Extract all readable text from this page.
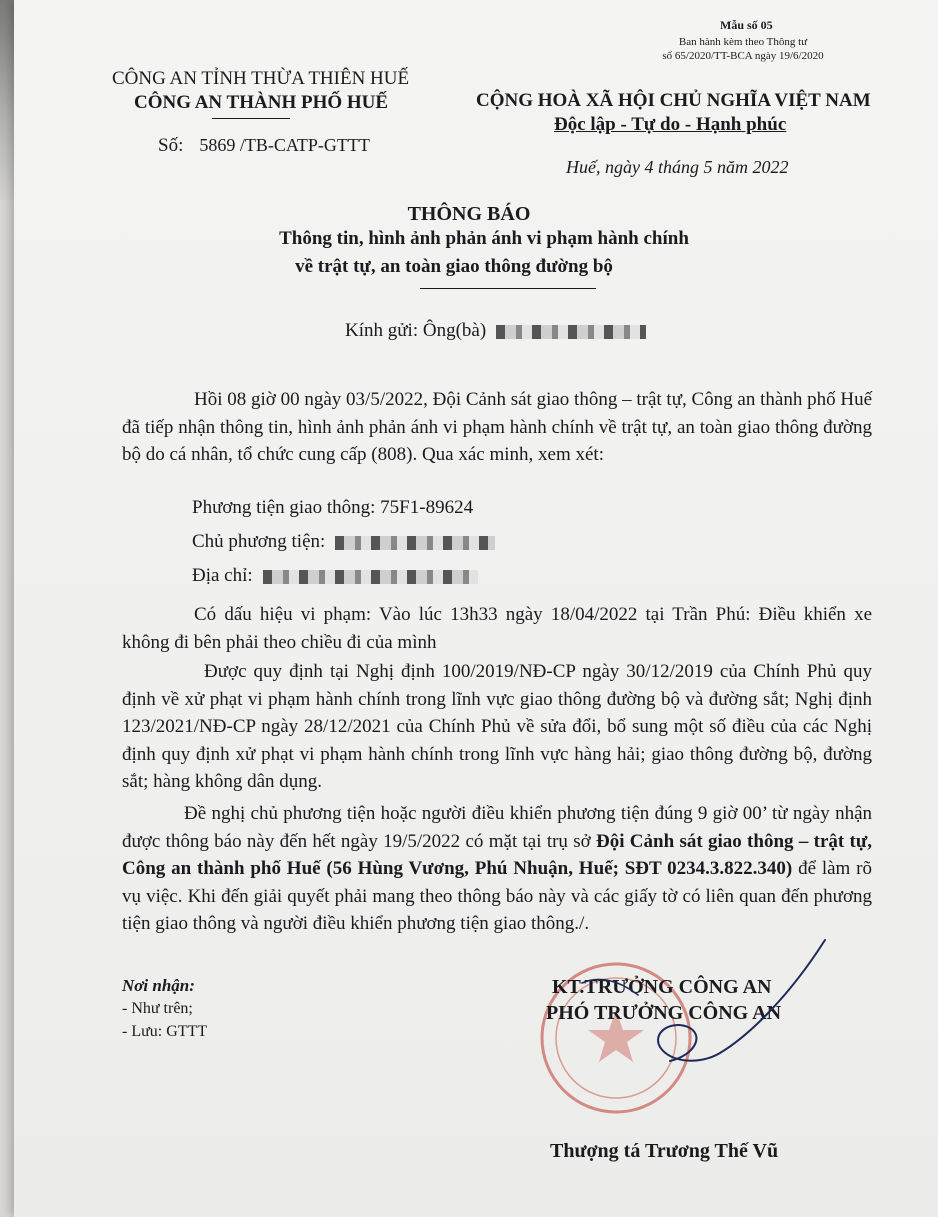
Mẫu số 05
Ban hành kèm theo Thông tư
số 65/2020/TT-BCA ngày 19/6/2020
CÔNG AN TỈNH THỪA THIÊN HUẾ
CÔNG AN THÀNH PHỐ HUẾ
Số: 5869 /TB-CATP-GTTT
CỘNG HOÀ XÃ HỘI CHỦ NGHĨA VIỆT NAM
Độc lập - Tự do - Hạnh phúc
Huế, ngày 4 tháng 5 năm 2022
THÔNG BÁO
Thông tin, hình ảnh phản ánh vi phạm hành chính
về trật tự, an toàn giao thông đường bộ
Kính gửi: Ông(bà)
Hồi 08 giờ 00 ngày 03/5/2022, Đội Cảnh sát giao thông – trật tự, Công an thành phố Huế đã tiếp nhận thông tin, hình ảnh phản ánh vi phạm hành chính về trật tự, an toàn giao thông đường bộ do cá nhân, tổ chức cung cấp (808). Qua xác minh, xem xét:
Phương tiện giao thông: 75F1-89624
Chủ phương tiện:
Địa chỉ:
Có dấu hiệu vi phạm: Vào lúc 13h33 ngày 18/04/2022 tại Trần Phú: Điều khiển xe không đi bên phải theo chiều đi của mình
Được quy định tại Nghị định 100/2019/NĐ-CP ngày 30/12/2019 của Chính Phủ quy định về xử phạt vi phạm hành chính trong lĩnh vực giao thông đường bộ và đường sắt; Nghị định 123/2021/NĐ-CP ngày 28/12/2021 của Chính Phủ về sửa đổi, bổ sung một số điều của các Nghị định quy định xử phạt vi phạm hành chính trong lĩnh vực hàng hải; giao thông đường bộ, đường sắt; hàng không dân dụng.
Đề nghị chủ phương tiện hoặc người điều khiển phương tiện đúng 9 giờ 00’ từ ngày nhận được thông báo này đến hết ngày 19/5/2022 có mặt tại trụ sở Đội Cảnh sát giao thông – trật tự, Công an thành phố Huế (56 Hùng Vương, Phú Nhuận, Huế; SĐT 0234.3.822.340) để làm rõ vụ việc. Khi đến giải quyết phải mang theo thông báo này và các giấy tờ có liên quan đến phương tiện giao thông và người điều khiển phương tiện giao thông./.
Nơi nhận:
- Như trên;
- Lưu: GTTT
KT.TRƯỞNG CÔNG AN
PHÓ TRƯỞNG CÔNG AN
Thượng tá Trương Thế Vũ
